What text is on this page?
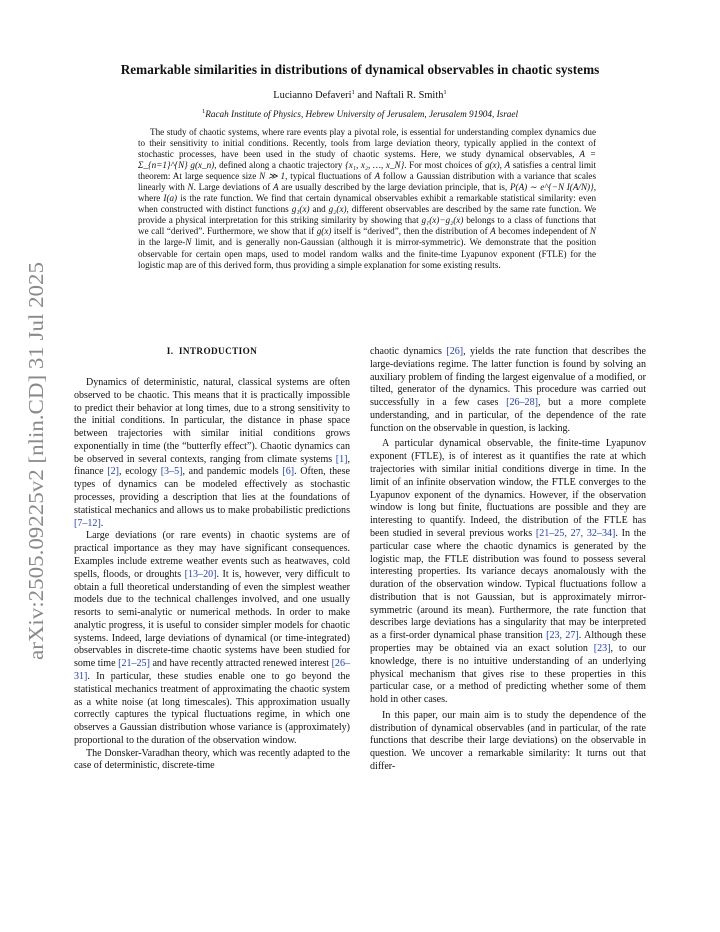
arXiv:2505.09225v2 [nlin.CD] 31 Jul 2025
Remarkable similarities in distributions of dynamical observables in chaotic systems
Lucianno Defaveri$^1$ and Naftali R. Smith$^1$
$^1$Racah Institute of Physics, Hebrew University of Jerusalem, Jerusalem 91904, Israel
The study of chaotic systems, where rare events play a pivotal role, is essential for understanding complex dynamics due to their sensitivity to initial conditions. Recently, tools from large deviation theory, typically applied in the context of stochastic processes, have been used in the study of chaotic systems. Here, we study dynamical observables, A = Σ_{n=1}^{N} g(x_n), defined along a chaotic trajectory {x₁, x₂, …, x_N}. For most choices of g(x), A satisfies a central limit theorem: At large sequence size N ≫ 1, typical fluctuations of A follow a Gaussian distribution with a variance that scales linearly with N. Large deviations of A are usually described by the large deviation principle, that is, P(A) ∼ e^{−N I(A/N)}, where I(a) is the rate function. We find that certain dynamical observables exhibit a remarkable statistical similarity: even when constructed with distinct functions g₁(x) and g₂(x), different observables are described by the same rate function. We provide a physical interpretation for this striking similarity by showing that g₁(x)−g₂(x) belongs to a class of functions that we call “derived”. Furthermore, we show that if g(x) itself is “derived”, then the distribution of A becomes independent of N in the large-N limit, and is generally non-Gaussian (although it is mirror-symmetric). We demonstrate that the position observable for certain open maps, used to model random walks and the finite-time Lyapunov exponent (FTLE) for the logistic map are of this derived form, thus providing a simple explanation for some existing results.
I. INTRODUCTION

Dynamics of deterministic, natural, classical systems are often observed to be chaotic. This means that it is practically impossible to predict their behavior at long times, due to a strong sensitivity to the initial conditions. In particular, the distance in phase space between trajectories with similar initial conditions grows exponentially in time (the “butterfly effect”). Chaotic dynamics can be observed in several contexts, ranging from climate systems [1], finance [2], ecology [3–5], and pandemic models [6]. Often, these types of dynamics can be modeled effectively as stochastic processes, providing a description that lies at the foundations of statistical mechanics and allows us to make probabilistic predictions [7–12].

Large deviations (or rare events) in chaotic systems are of practical importance as they may have significant consequences. Examples include extreme weather events such as heatwaves, cold spells, floods, or droughts [13–20]. It is, however, very difficult to obtain a full theoretical understanding of even the simplest weather models due to the technical challenges involved, and one usually resorts to semi-analytic or numerical methods. In order to make analytic progress, it is useful to consider simpler models for chaotic systems. Indeed, large deviations of dynamical (or time-integrated) observables in discrete-time chaotic systems have been studied for some time [21–25] and have recently attracted renewed interest [26–31]. In particular, these studies enable one to go beyond the statistical mechanics treatment of approximating the chaotic system as a white noise (at long timescales). This approximation usually correctly captures the typical fluctuations regime, in which one observes a Gaussian distribution whose variance is (approximately) proportional to the duration of the observation window.

The Donsker-Varadhan theory, which was recently adapted to the case of deterministic, discrete-time

chaotic dynamics [26], yields the rate function that describes the large-deviations regime. The latter function is found by solving an auxiliary problem of finding the largest eigenvalue of a modified, or tilted, generator of the dynamics. This procedure was carried out successfully in a few cases [26–28], but a more complete understanding, and in particular, of the dependence of the rate function on the observable in question, is lacking.

A particular dynamical observable, the finite-time Lyapunov exponent (FTLE), is of interest as it quantifies the rate at which trajectories with similar initial conditions diverge in time. In the limit of an infinite observation window, the FTLE converges to the Lyapunov exponent of the dynamics. However, if the observation window is long but finite, fluctuations are possible and they are interesting to quantify. Indeed, the distribution of the FTLE has been studied in several previous works [21–25, 27, 32–34]. In the particular case where the chaotic dynamics is generated by the logistic map, the FTLE distribution was found to possess several interesting properties. Its variance decays anomalously with the duration of the observation window. Typical fluctuations follow a distribution that is not Gaussian, but is approximately mirror-symmetric (around its mean). Furthermore, the rate function that describes large deviations has a singularity that may be interpreted as a first-order dynamical phase transition [23, 27]. Although these properties may be obtained via an exact solution [23], to our knowledge, there is no intuitive understanding of an underlying physical mechanism that gives rise to these properties in this particular case, or a method of predicting whether some of them hold in other cases.

In this paper, our main aim is to study the dependence of the distribution of dynamical observables (and in particular, of the rate functions that describe their large deviations) on the observable in question. We uncover a remarkable similarity: It turns out that differ-
